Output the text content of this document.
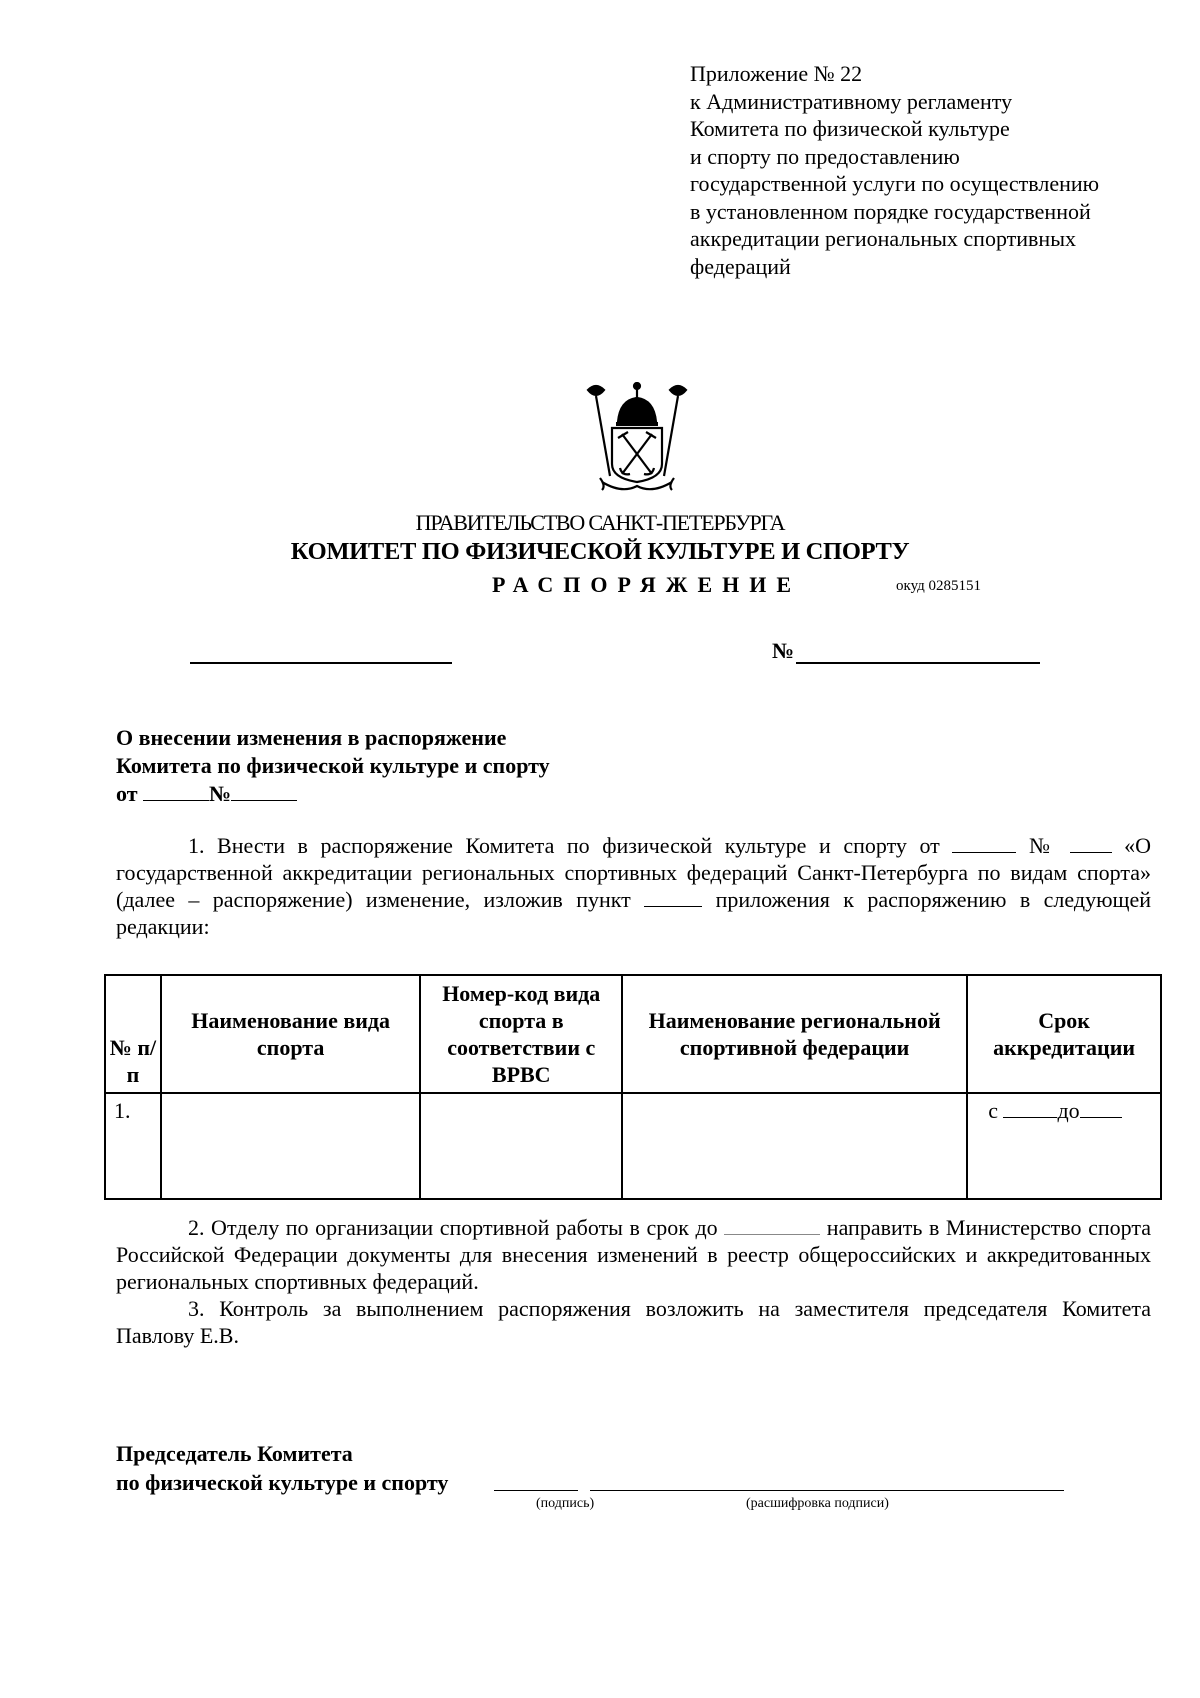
Приложение № 22
к Административному регламенту
Комитета по физической культуре
и спорту по предоставлению
государственной услуги по осуществлению
в установленном порядке государственной
аккредитации региональных спортивных
федераций
ПРАВИТЕЛЬСТВО САНКТ-ПЕТЕРБУРГА
КОМИТЕТ ПО ФИЗИЧЕСКОЙ КУЛЬТУРЕ И СПОРТУ
РАСПОРЯЖЕНИЕ	окуд 0285151
№
О внесении изменения в распоряжение
Комитета по физической культуре и спорту
от	№
1. Внести в распоряжение Комитета по физической культуре и спорту от	№	«О государственной аккредитации региональных спортивных федераций Санкт-Петербурга по видам спорта» (далее – распоряжение) изменение, изложив пункт	приложения к распоряжению в следующей редакции:
№ п/п	Наименование вида спорта	Номер-код вида спорта в соответствии с ВРВС	Наименование региональной спортивной федерации	Срок аккредитации
1.				с до
2. Отделу по организации спортивной работы в срок до	направить в Министерство спорта Российской Федерации документы для внесения изменений в реестр общероссийских и аккредитованных региональных спортивных федераций.
3. Контроль за выполнением распоряжения возложить на заместителя председателя Комитета Павлову Е.В.
Председатель Комитета
по физической культуре и спорту
(подпись)	(расшифровка подписи)
